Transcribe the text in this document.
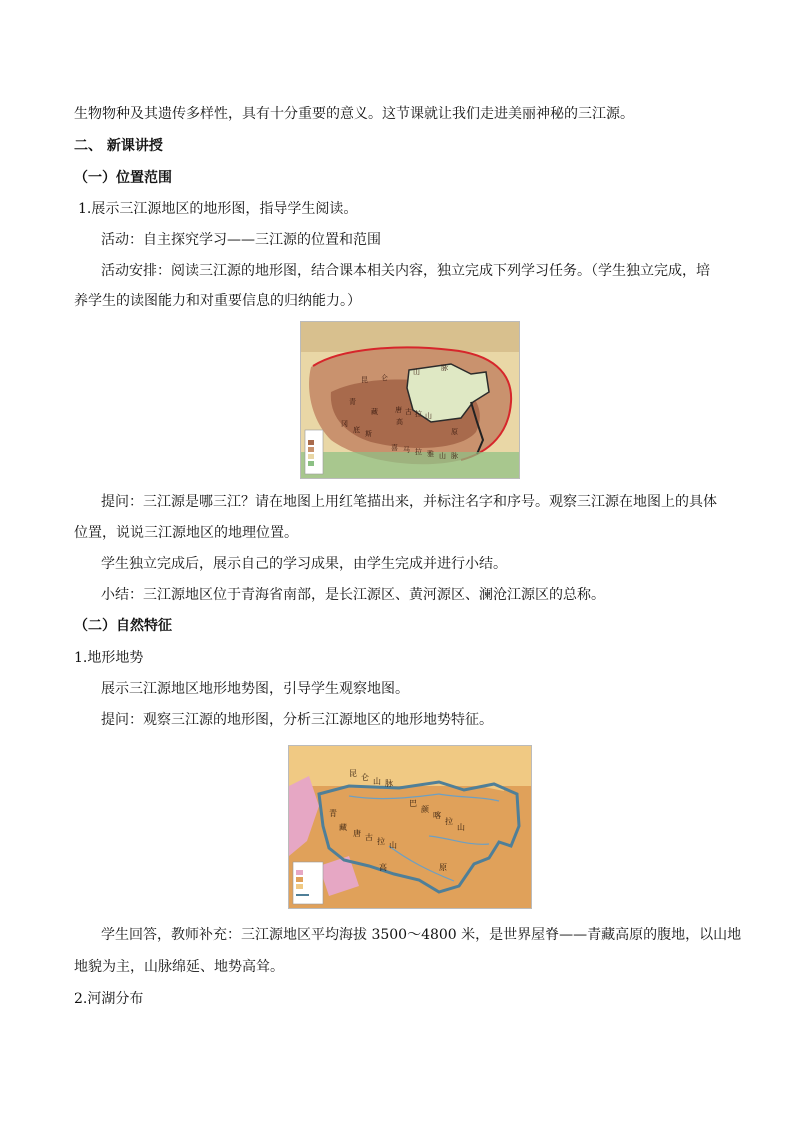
生物物种及其遗传多样性，具有十分重要的意义。这节课就让我们走进美丽神秘的三江源。
二、 新课讲授
（一）位置范围
1.展示三江源地区的地形图，指导学生阅读。
活动：自主探究学习——三江源的位置和范围
活动安排：阅读三江源的地形图，结合课本相关内容，独立完成下列学习任务。（学生独立完成，培
养学生的读图能力和对重要信息的归纳能力。）
青
藏
高
原
昆 仑
山	脉
唐 古 拉 山
冈
底 斯
喜 马 拉 雅 山 脉
提问：三江源是哪三江？请在地图上用红笔描出来，并标注名字和序号。观察三江源在地图上的具体
位置，说说三江源地区的地理位置。
学生独立完成后，展示自己的学习成果，由学生完成并进行小结。
小结：三江源地区位于青海省南部，是长江源区、黄河源区、澜沧江源区的总称。
（二）自然特征
1.地形地势
展示三江源地区地形地势图，引导学生观察地图。
提问：观察三江源的地形图，分析三江源地区的地形地势特征。
昆 仑 山 脉
唐 古 拉 山
青
藏
高	原
巴
颜
喀
拉
山
学生回答，教师补充：三江源地区平均海拔 3500～4800 米，是世界屋脊——青藏高原的腹地，以山地
地貌为主，山脉绵延、地势高耸。
2.河湖分布
